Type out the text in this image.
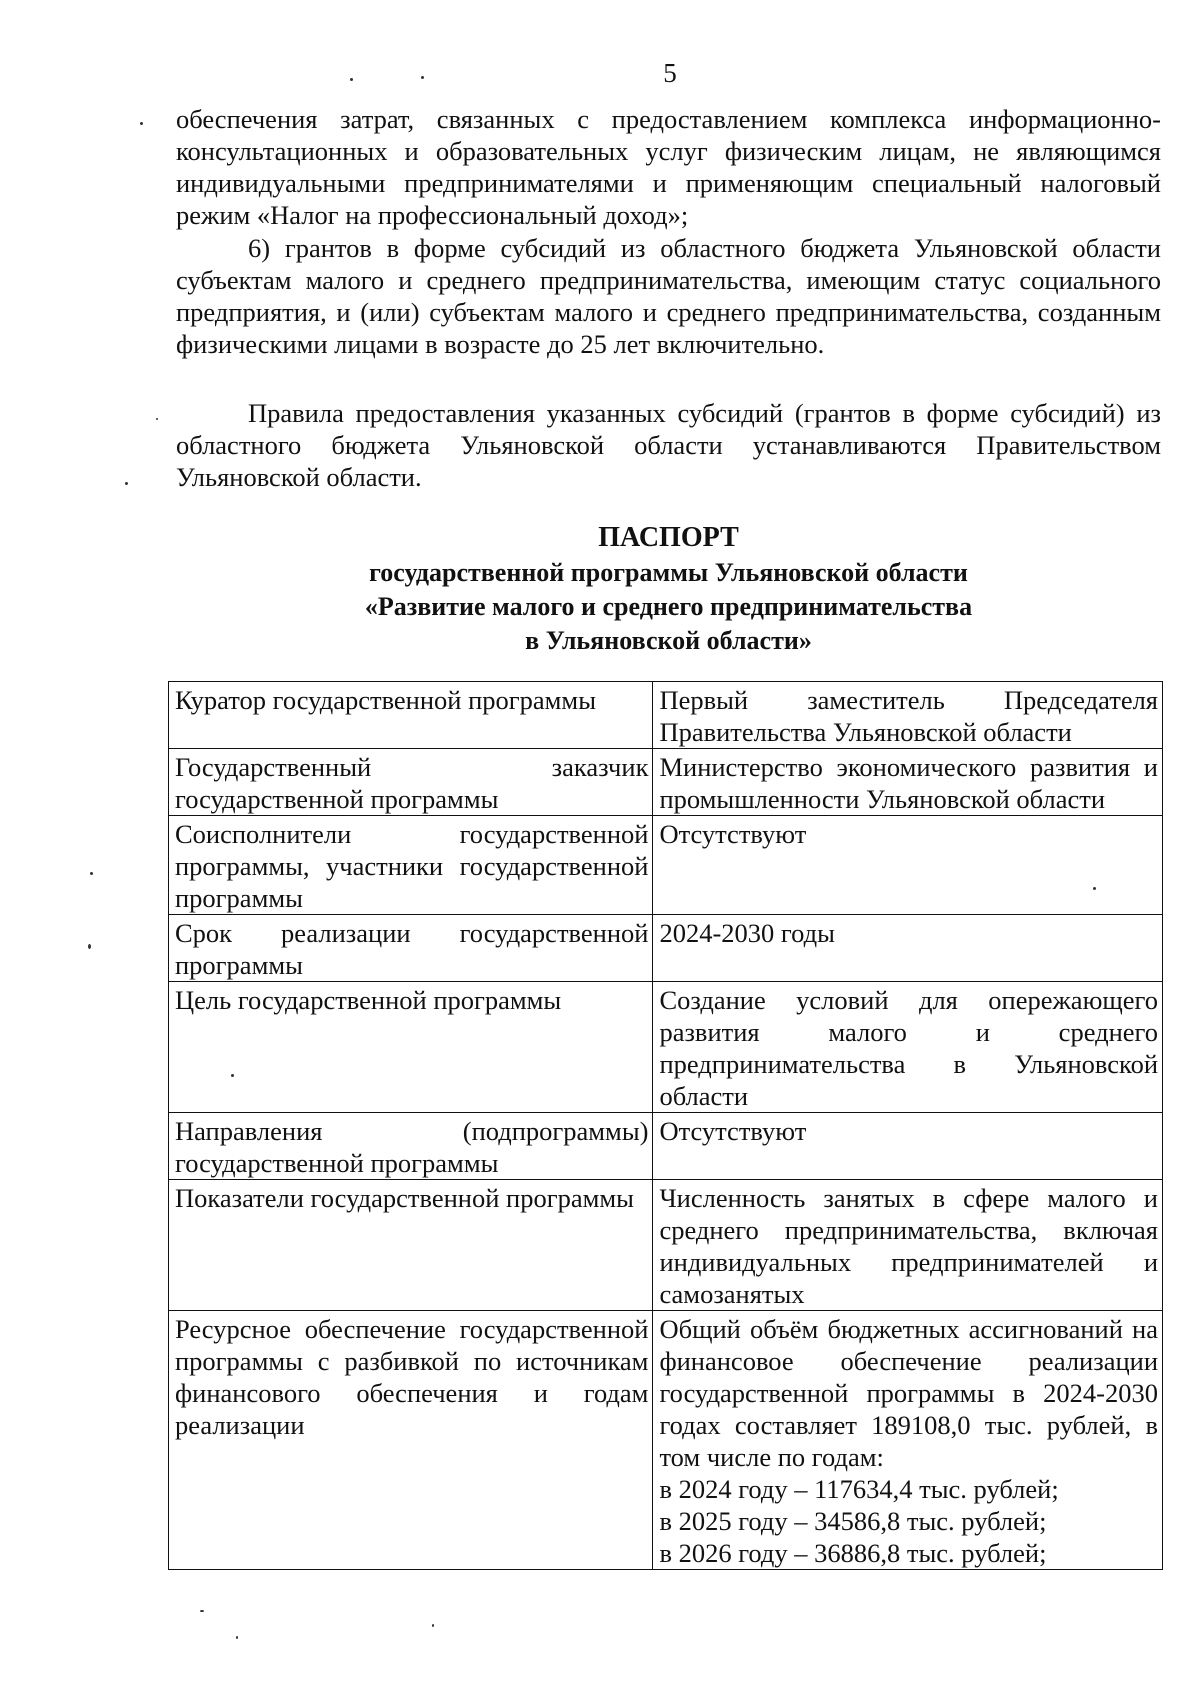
5

обеспечения затрат, связанных с предоставлением комплекса информационно-консультационных и образовательных услуг физическим лицам, не являющимся индивидуальными предпринимателями и применяющим специальный налоговый режим «Налог на профессиональный доход»;

6) грантов в форме субсидий из областного бюджета Ульяновской области субъектам малого и среднего предпринимательства, имеющим статус социального предприятия, и (или) субъектам малого и среднего предпринимательства, созданным физическими лицами в возрасте до 25 лет включительно.

Правила предоставления указанных субсидий (грантов в форме субсидий) из областного бюджета Ульяновской области устанавливаются Правительством Ульяновской области.

ПАСПОРТ
государственной программы Ульяновской области
«Развитие малого и среднего предпринимательства
в Ульяновской области»
Куратор государственной программы	Первый заместитель Председателя Правительства Ульяновской области
Государственный заказчик государственной программы	Министерство экономического развития и промышленности Ульяновской области
Соисполнители государственной программы, участники государственной программы	Отсутствуют
Срок реализации государственной программы	2024-2030 годы
Цель государственной программы	Создание условий для опережающего развития малого и среднего предпринимательства в Ульяновской области
Направления (подпрограммы) государственной программы	Отсутствуют
Показатели государственной программы	Численность занятых в сфере малого и среднего предпринимательства, включая индивидуальных предпринимателей и самозанятых
Ресурсное обеспечение государственной программы с разбивкой по источникам финансового обеспечения и годам реализации	Общий объём бюджетных ассигнований на финансовое обеспечение реализации государственной программы в 2024-2030 годах составляет 189108,0 тыс. рублей, в том числе по годам:
в 2024 году – 117634,4 тыс. рублей;
в 2025 году – 34586,8 тыс. рублей;
в 2026 году – 36886,8 тыс. рублей;
